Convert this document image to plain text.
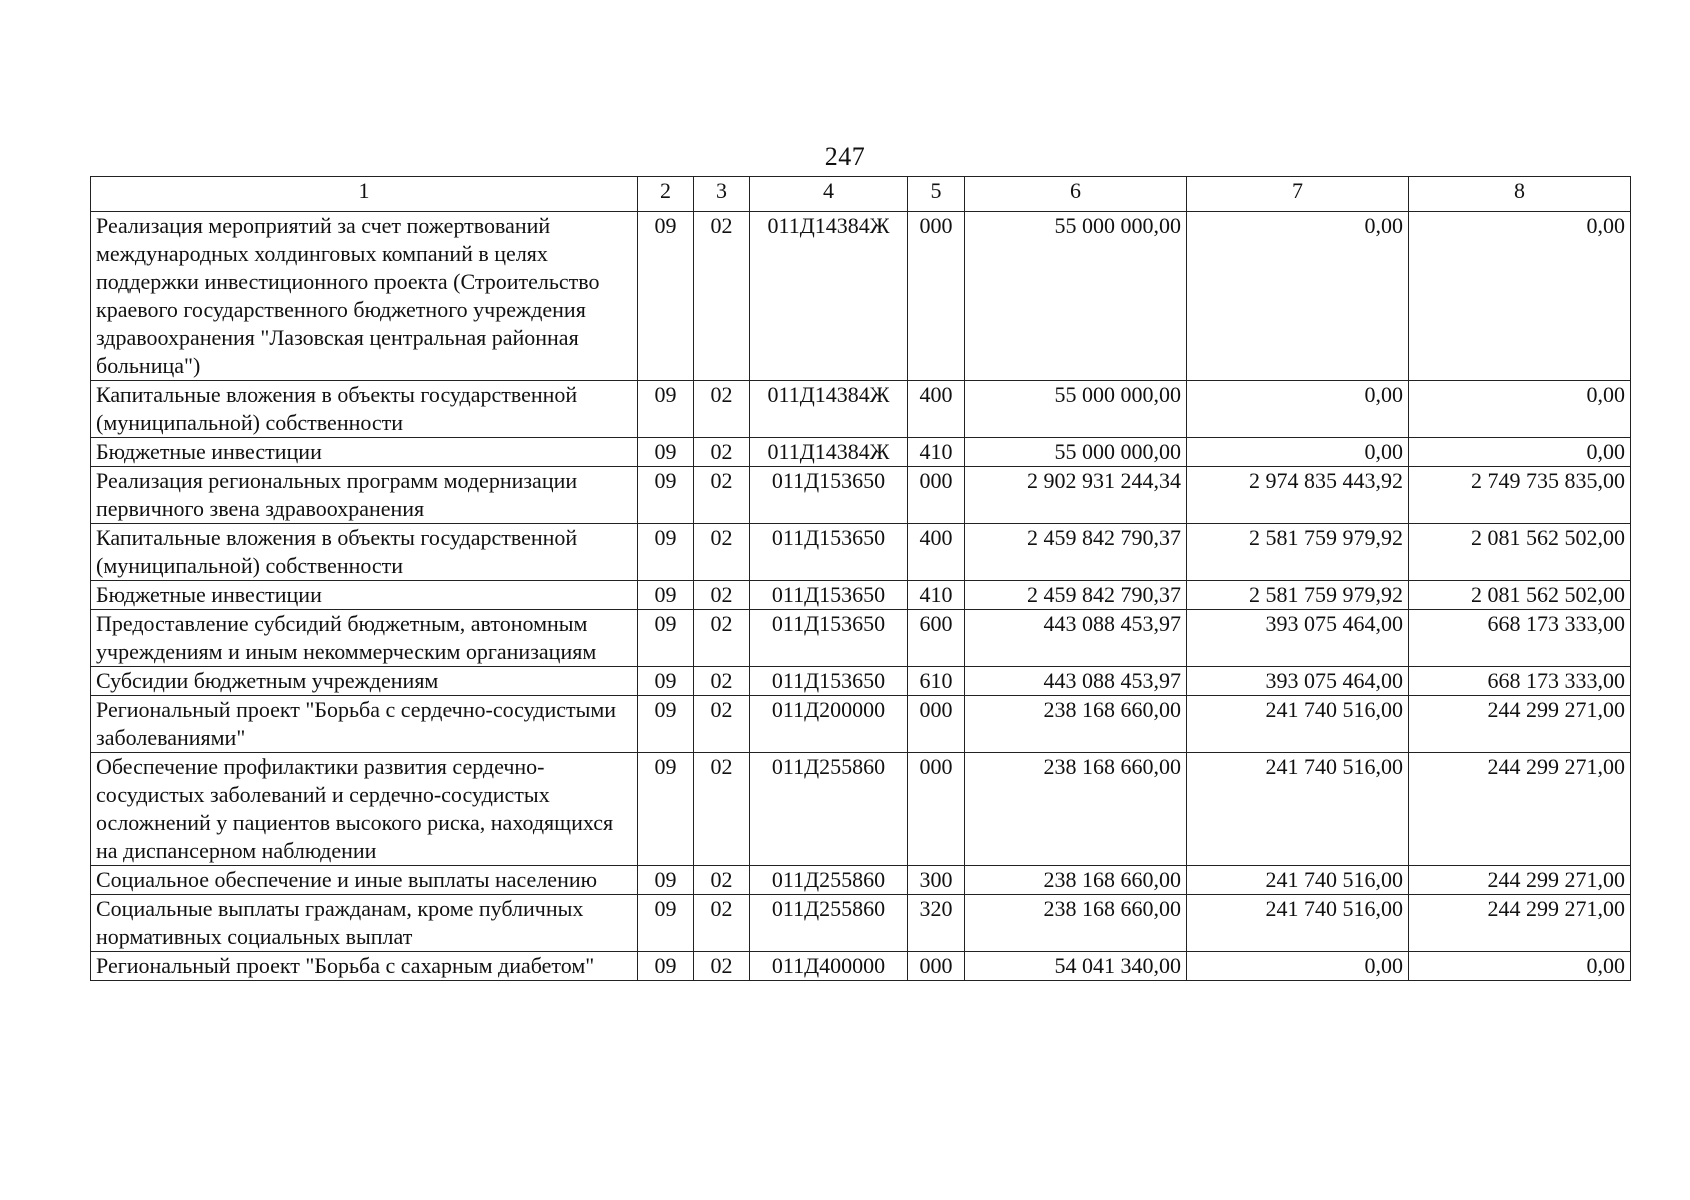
247
1	2	3	4	5	6	7	8
Реализация мероприятий за счет пожертвований международных холдинговых компаний в целях поддержки инвестиционного проекта (Строительство краевого государственного бюджетного учреждения здравоохранения "Лазовская центральная районная больница")	09	02	011Д14384Ж	000	55 000 000,00	0,00	0,00
Капитальные вложения в объекты государственной (муниципальной) собственности	09	02	011Д14384Ж	400	55 000 000,00	0,00	0,00
Бюджетные инвестиции	09	02	011Д14384Ж	410	55 000 000,00	0,00	0,00
Реализация региональных программ модернизации первичного звена здравоохранения	09	02	011Д153650	000	2 902 931 244,34	2 974 835 443,92	2 749 735 835,00
Капитальные вложения в объекты государственной (муниципальной) собственности	09	02	011Д153650	400	2 459 842 790,37	2 581 759 979,92	2 081 562 502,00
Бюджетные инвестиции	09	02	011Д153650	410	2 459 842 790,37	2 581 759 979,92	2 081 562 502,00
Предоставление субсидий бюджетным, автономным учреждениям и иным некоммерческим организациям	09	02	011Д153650	600	443 088 453,97	393 075 464,00	668 173 333,00
Субсидии бюджетным учреждениям	09	02	011Д153650	610	443 088 453,97	393 075 464,00	668 173 333,00
Региональный проект "Борьба с сердечно-сосудистыми заболеваниями"	09	02	011Д200000	000	238 168 660,00	241 740 516,00	244 299 271,00
Обеспечение профилактики развития сердечно-сосудистых заболеваний и сердечно-сосудистых осложнений у пациентов высокого риска, находящихся на диспансерном наблюдении	09	02	011Д255860	000	238 168 660,00	241 740 516,00	244 299 271,00
Социальное обеспечение и иные выплаты населению	09	02	011Д255860	300	238 168 660,00	241 740 516,00	244 299 271,00
Социальные выплаты гражданам, кроме публичных нормативных социальных выплат	09	02	011Д255860	320	238 168 660,00	241 740 516,00	244 299 271,00
Региональный проект "Борьба с сахарным диабетом"	09	02	011Д400000	000	54 041 340,00	0,00	0,00
